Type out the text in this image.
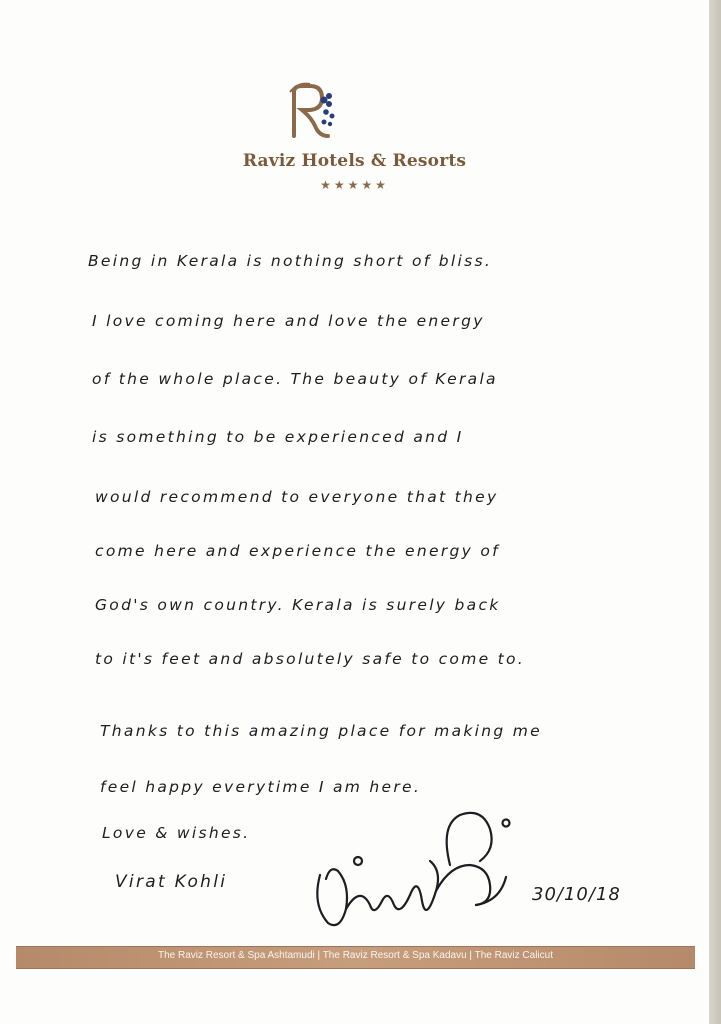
Raviz Hotels & Resorts
★★★★★
Being in Kerala is nothing short of bliss.
I love coming here and love the energy
of the whole place. The beauty of Kerala
is something to be experienced and I
would recommend to everyone that they
come here and experience the energy of
God's own country. Kerala is surely back
to it's feet and absolutely safe to come to.
Thanks to this amazing place for making me
feel happy everytime I am here.
Love & wishes.
Virat Kohli
30/10/18
The Raviz Resort & Spa Ashtamudi | The Raviz Resort & Spa Kadavu | The Raviz Calicut
